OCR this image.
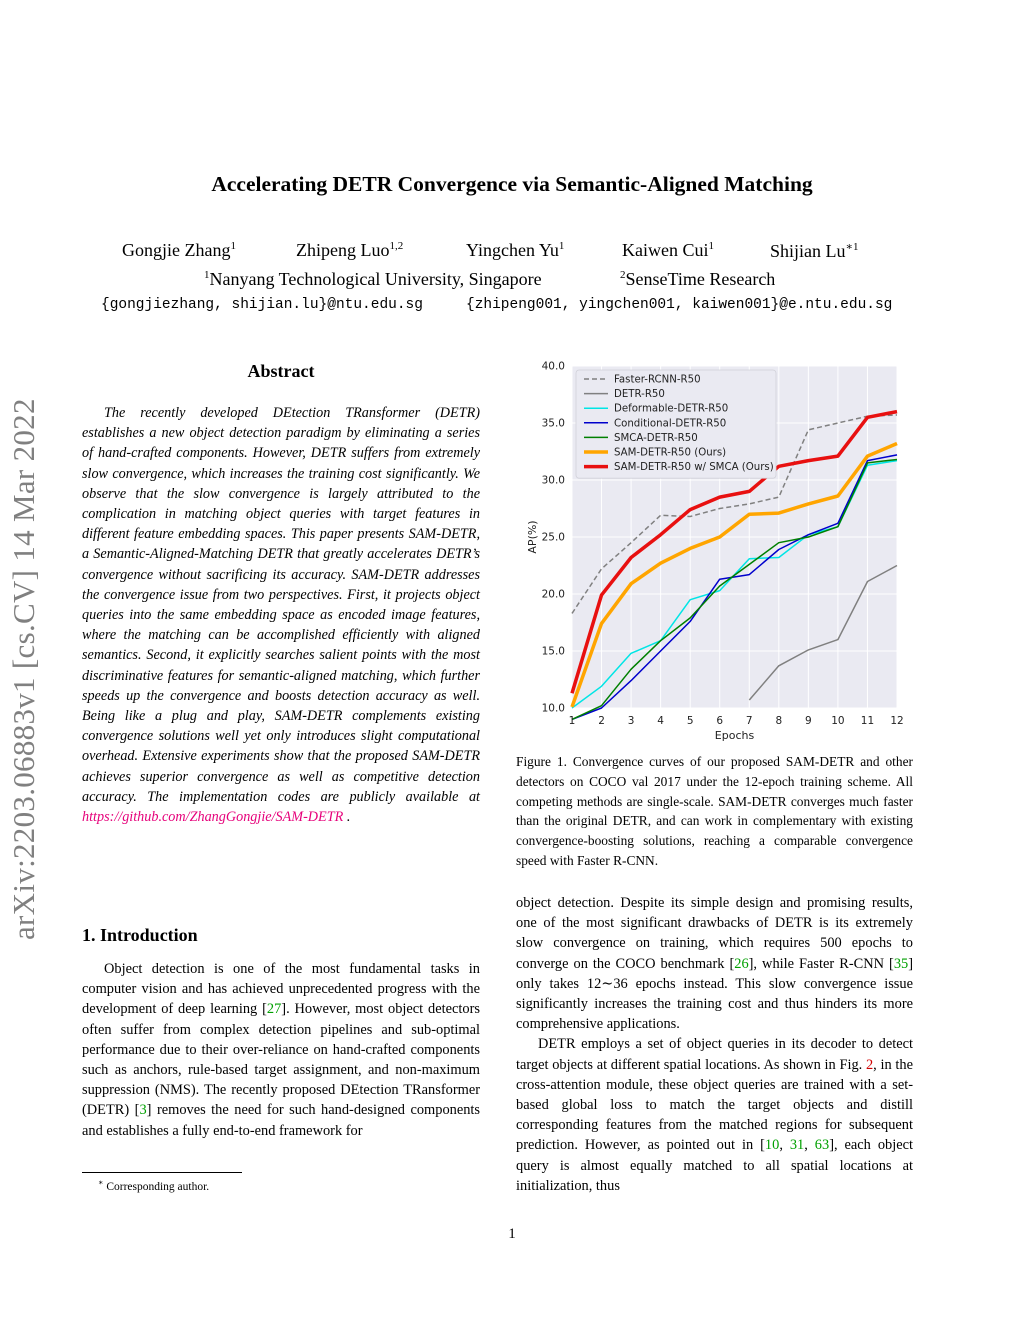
arXiv:2203.06883v1 [cs.CV] 14 Mar 2022
Accelerating DETR Convergence via Semantic-Aligned Matching
Gongjie Zhang$^1$	Zhipeng Luo$^{1,2}$	Yingchen Yu$^1$	Kaiwen Cui$^1$	Shijian $Lu^{∗1}$
$^1$Nanyang Technological University, Singapore	$^2$SenseTime Research
{gongjiezhang, shijian.lu}@ntu.edu.sg	{zhipeng001, yingchen001, kaiwen001}@e.ntu.edu.sg
Abstract

The recently developed DEtection TRansformer (DETR) establishes a new object detection paradigm by eliminating a series of hand-crafted components. However, DETR suffers from extremely slow convergence, which increases the training cost significantly. We observe that the slow convergence is largely attributed to the complication in matching object queries with target features in different feature embedding spaces. This paper presents SAM-DETR, a Semantic-Aligned-Matching DETR that greatly accelerates DETR’s convergence without sacrificing its accuracy. SAM-DETR addresses the convergence issue from two perspectives. First, it projects object queries into the same embedding space as encoded image features, where the matching can be accomplished efficiently with aligned semantics. Second, it explicitly searches salient points with the most discriminative features for semantic-aligned matching, which further speeds up the convergence and boosts detection accuracy as well. Being like a plug and play, SAM-DETR complements existing convergence solutions well yet only introduces slight computational overhead. Extensive experiments show that the proposed SAM-DETR achieves superior convergence as well as competitive detection accuracy. The implementation codes are publicly available at https://github.com/ZhangGongjie/SAM-DETR .

1. Introduction

Object detection is one of the most fundamental tasks in computer vision and has achieved unprecedented progress with the development of deep learning [27]. However, most object detectors often suffer from complex detection pipelines and sub-optimal performance due to their over-reliance on hand-crafted components such as anchors, rule-based target assignment, and non-maximum suppression (NMS). The recently proposed DEtection TRansformer (DETR) [3] removes the need for such hand-designed components and establishes a fully end-to-end framework for

∗ Corresponding author.
1 2 3 4 5 6 7 8 9 10 11 12
10.0
15.0
20.0
25.0
30.0
35.0
40.0
Epochs
AP(%)
Faster-RCNN-R50
DETR-R50
Deformable-DETR-R50
Conditional-DETR-R50
SMCA-DETR-R50
SAM-DETR-R50 (Ours)
SAM-DETR-R50 w/ SMCA (Ours)
Figure 1. Convergence curves of our proposed SAM-DETR and other detectors on COCO val 2017 under the 12-epoch training scheme. All competing methods are single-scale. SAM-DETR converges much faster than the original DETR, and can work in complementary with existing convergence-boosting solutions, reaching a comparable convergence speed with Faster R-CNN.

object detection. Despite its simple design and promising results, one of the most significant drawbacks of DETR is its extremely slow convergence on training, which requires 500 epochs to converge on the COCO benchmark [26], while Faster R-CNN [35] only takes 12∼36 epochs instead. This slow convergence issue significantly increases the training cost and thus hinders its more comprehensive applications.

DETR employs a set of object queries in its decoder to detect target objects at different spatial locations. As shown in Fig. 2, in the cross-attention module, these object queries are trained with a set-based global loss to match the target objects and distill corresponding features from the matched regions for subsequent prediction. However, as pointed out in [10, 31, 63], each object query is almost equally matched to all spatial locations at initialization, thus

1
